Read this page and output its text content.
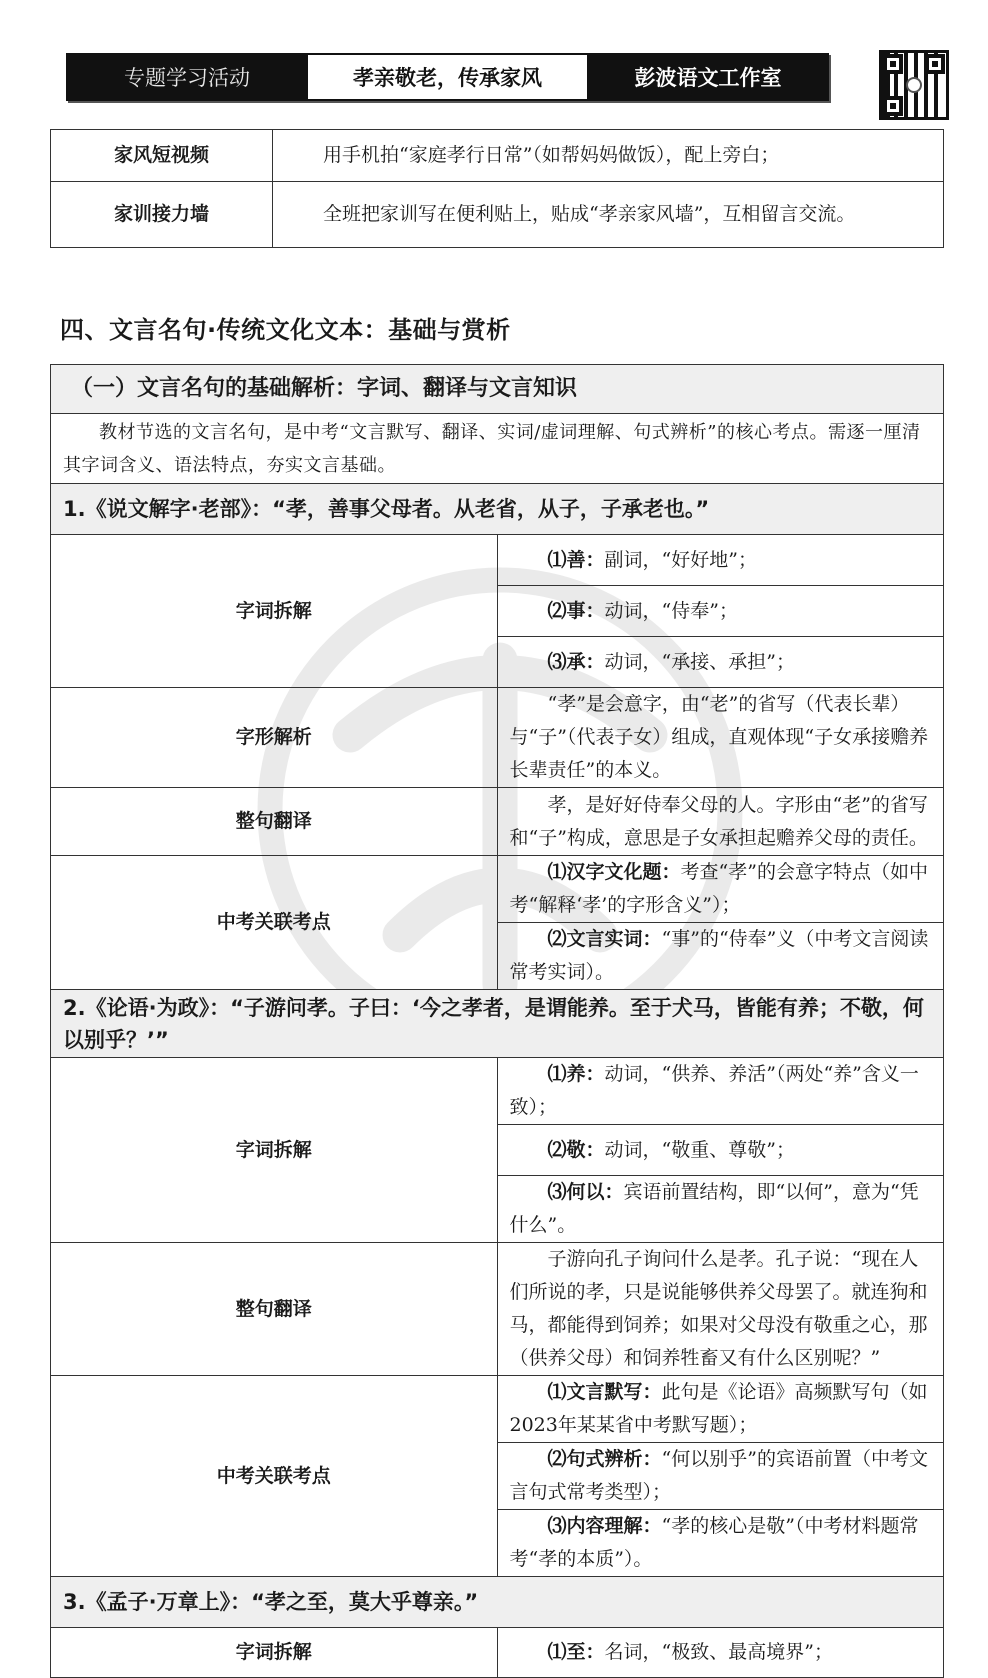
专题学习活动	孝亲敬老，传承家风	彭波语文工作室
家风短视频	用手机拍“家庭孝行日常”（如帮妈妈做饭），配上旁白；
家训接力墙	全班把家训写在便利贴上，贴成“孝亲家风墙”，互相留言交流。
四、文言名句·传统文化文本：基础与赏析
（一）文言名句的基础解析：字词、翻译与文言知识	
教材节选的文言名句，是中考“文言默写、翻译、实词/虚词理解、句式辨析”的核心考点。需逐一厘清其字词含义、语法特点，夯实文言基础。	
1.《说文解字·老部》：“孝，善事父母者。从老省，从子，子承老也。”	
字词拆解	⑴善：副词，“好好地”；
	⑵事：动词，“侍奉”；
	⑶承：动词，“承接、承担”；
字形解析	“孝”是会意字，由“老”的省写（代表长辈）与“子”（代表子女）组成，直观体现“子女承接赡养长辈责任”的本义。
整句翻译	孝，是好好侍奉父母的人。字形由“老”的省写和“子”构成，意思是子女承担起赡养父母的责任。
中考关联考点	⑴汉字文化题：考查“孝”的会意字特点（如中考“解释‘孝’的字形含义”）；
	⑵文言实词：“事”的“侍奉”义（中考文言阅读常考实词）。
2.《论语·为政》：“子游问孝。子曰：‘今之孝者，是谓能养。至于犬马，皆能有养；不敬，何以别乎？’”	
字词拆解	⑴养：动词，“供养、养活”（两处“养”含义一致）；
	⑵敬：动词，“敬重、尊敬”；
	⑶何以：宾语前置结构，即“以何”，意为“凭什么”。
整句翻译	子游向孔子询问什么是孝。孔子说：“现在人们所说的孝，只是说能够供养父母罢了。就连狗和马，都能得到饲养；如果对父母没有敬重之心，那（供养父母）和饲养牲畜又有什么区别呢？”
中考关联考点	⑴文言默写：此句是《论语》高频默写句（如2023年某某省中考默写题）；
	⑵句式辨析：“何以别乎”的宾语前置（中考文言句式常考类型）；
	⑶内容理解：“孝的核心是敬”（中考材料题常考“孝的本质”）。
3.《孟子·万章上》：“孝之至，莫大乎尊亲。”	
字词拆解	⑴至：名词，“极致、最高境界”；
